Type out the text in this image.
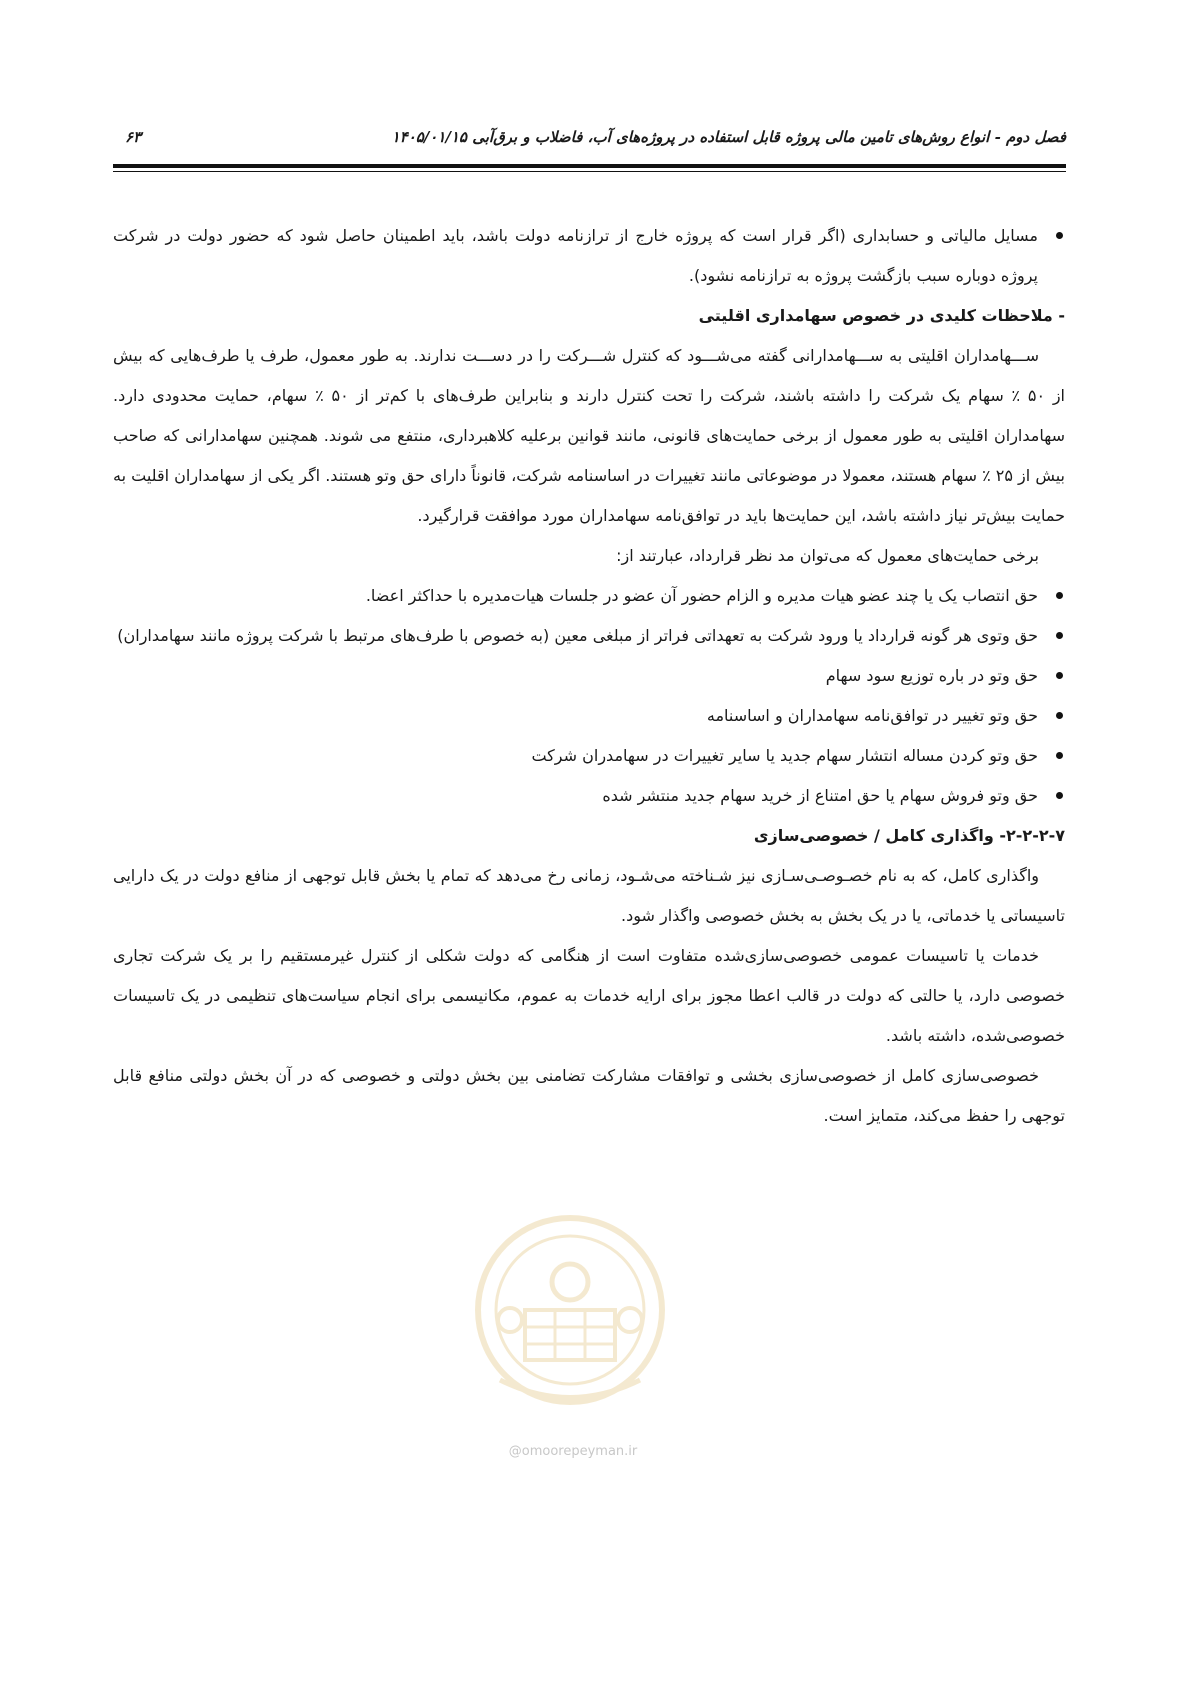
فصل دوم - انواع روش‌های تامین مالی پروژه قابل استفاده در پروژه‌های آب، فاضلاب و برق‌آبی ۱۴۰۵/۰۱/۱۵
۶۳
مسایل مالیاتی و حسابداری (اگر قرار است که پروژه خارج از ترازنامه دولت باشد، باید اطمینان حاصل شود که حضور دولت در شرکت پروژه دوباره سبب بازگشت پروژه به ترازنامه نشود).

- ملاحظات کلیدی در خصوص سهامداری اقلیتی

ســـهامداران اقلیتی به ســـهامدارانی گفته می‌شـــود که کنترل شـــرکت را در دســـت ندارند. به طور معمول، طرف یا طرف‌هایی که بیش از ۵۰ ٪ سهام یک شرکت را داشته باشند، شرکت را تحت کنترل دارند و بنابراین طرف‌های با کم‌تر از ۵۰ ٪ سهام، حمایت محدودی دارد. سهامداران اقلیتی به طور معمول از برخی حمایت‌های قانونی، مانند قوانین برعلیه کلاهبرداری، منتفع می شوند. همچنین سهامدارانی که صاحب بیش از ۲۵ ٪ سهام هستند، معمولا در موضوعاتی مانند تغییرات در اساسنامه شرکت، قانوناً دارای حق وتو هستند. اگر یکی از سهامداران اقلیت به حمایت بیش‌تر نیاز داشته باشد، این حمایت‌ها باید در توافق‌نامه سهامداران مورد موافقت قرارگیرد.

برخی حمایت‌های معمول که می‌توان مد نظر قرارداد، عبارتند از:

حق انتصاب یک یا چند عضو هیات مدیره و الزام حضور آن عضو در جلسات هیات‌مدیره با حداکثر اعضا.
حق وتوی هر گونه قرارداد یا ورود شرکت به تعهداتی فراتر از مبلغی معین (به خصوص با طرف‌های مرتبط با شرکت پروژه مانند سهامداران)
حق وتو در باره توزیع سود سهام
حق وتو تغییر در توافق‌نامه سهامداران و اساسنامه
حق وتو کردن مساله انتشار سهام جدید یا سایر تغییرات در سهامدران شرکت
حق وتو فروش سهام یا حق امتناع از خرید سهام جدید منتشر شده

۲-۲-۲-۷- واگذاری کامل / خصوصی‌سازی

واگذاری کامل، که به نام خصـوصـی‌سـازی نیز شـناخته می‌شـود، زمانی رخ می‌دهد که تمام یا بخش قابل توجهی از منافع دولت در یک دارایی تاسیساتی یا خدماتی، یا در یک بخش به بخش خصوصی واگذار شود.

خدمات یا تاسیسات عمومی خصوصی‌سازی‌شده متفاوت است از هنگامی که دولت شکلی از کنترل غیرمستقیم را بر یک شرکت تجاری خصوصی دارد، یا حالتی که دولت در قالب اعطا مجوز برای ارایه خدمات به عموم، مکانیسمی برای انجام سیاست‌های تنظیمی در یک تاسیسات خصوصی‌شده، داشته باشد.

خصوصی‌سازی کامل از خصوصی‌سازی بخشی و توافقات مشارکت تضامنی بین بخش دولتی و خصوصی که در آن بخش دولتی منافع قابل توجهی را حفظ می‌کند، متمایز است.

@omoorepeyman.ir
